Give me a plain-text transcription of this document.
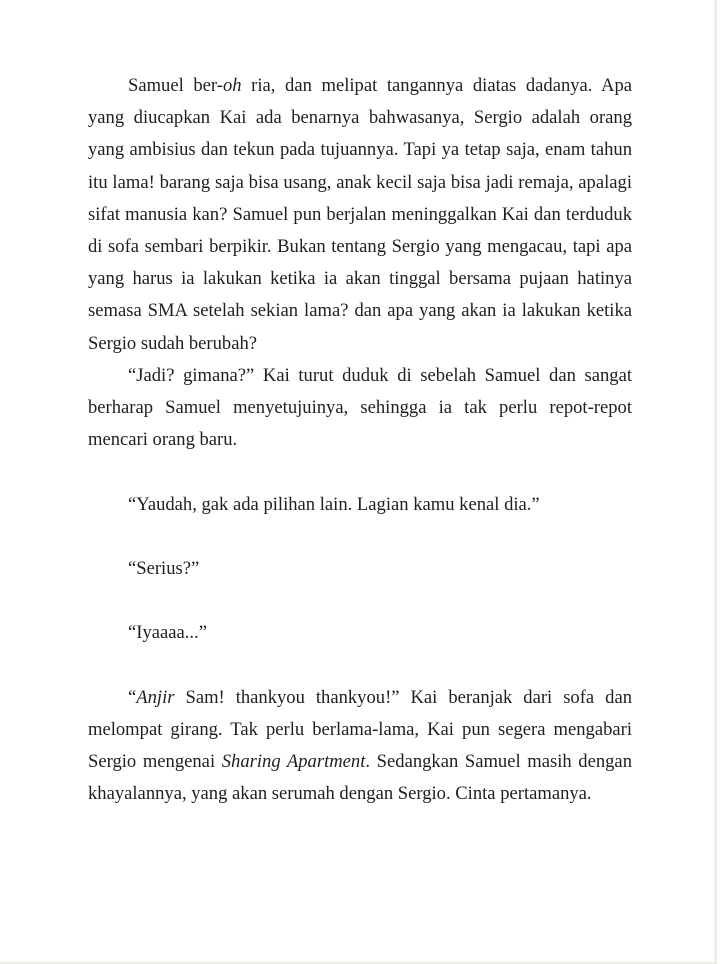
Samuel ber-oh ria, dan melipat tangannya diatas dadanya. Apa yang diucapkan Kai ada benarnya bahwasanya, Sergio adalah orang yang ambisius dan tekun pada tujuannya. Tapi ya tetap saja, enam tahun itu lama! barang saja bisa usang, anak kecil saja bisa jadi remaja, apalagi sifat manusia kan? Samuel pun berjalan meninggalkan Kai dan terduduk di sofa sembari berpikir. Bukan tentang Sergio yang mengacau, tapi apa yang harus ia lakukan ketika ia akan tinggal bersama pujaan hatinya semasa SMA setelah sekian lama? dan apa yang akan ia lakukan ketika Sergio sudah berubah?

“Jadi? gimana?” Kai turut duduk di sebelah Samuel dan sangat berharap Samuel menyetujuinya, sehingga ia tak perlu repot-repot mencari orang baru.

“Yaudah, gak ada pilihan lain. Lagian kamu kenal dia.”

“Serius?”

“Iyaaaa...”

“Anjir Sam! thankyou thankyou!” Kai beranjak dari sofa dan melompat girang. Tak perlu berlama-lama, Kai pun segera mengabari Sergio mengenai Sharing Apartment. Sedangkan Samuel masih dengan khayalannya, yang akan serumah dengan Sergio. Cinta pertamanya.
